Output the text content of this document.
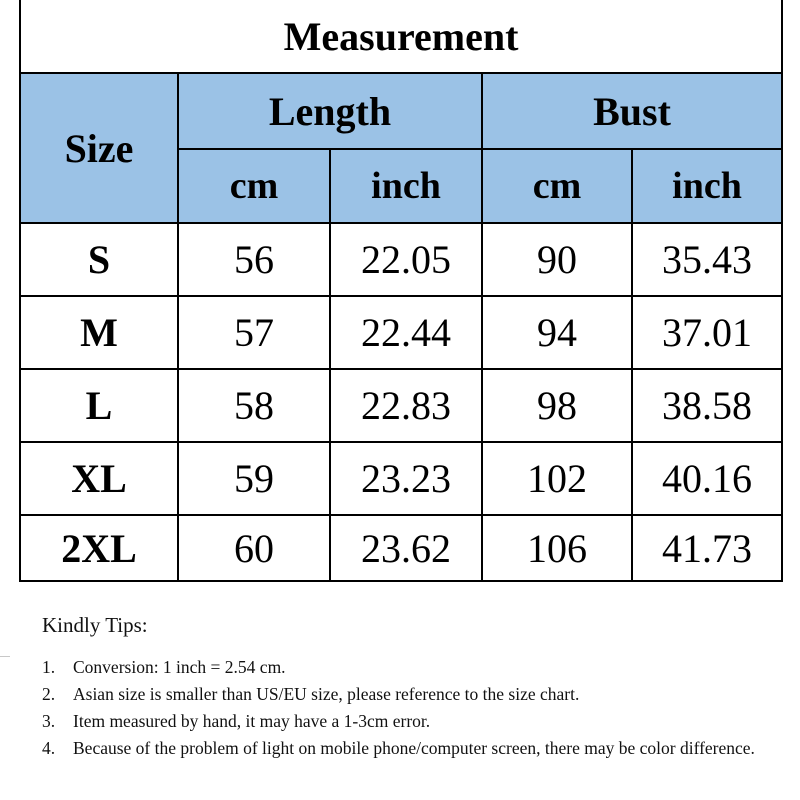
Measurement				
Size	Length		Bust	
	cm	inch	cm	inch
S	56	22.05	90	35.43
M	57	22.44	94	37.01
L	58	22.83	98	38.58
XL	59	23.23	102	40.16
2XL	60	23.62	106	41.73
Kindly Tips:
1. Conversion: 1 inch = 2.54 cm.
2. Asian size is smaller than US/EU size, please reference to the size chart.
3. Item measured by hand, it may have a 1-3cm error.
4. Because of the problem of light on mobile phone/computer screen, there may be color difference.
